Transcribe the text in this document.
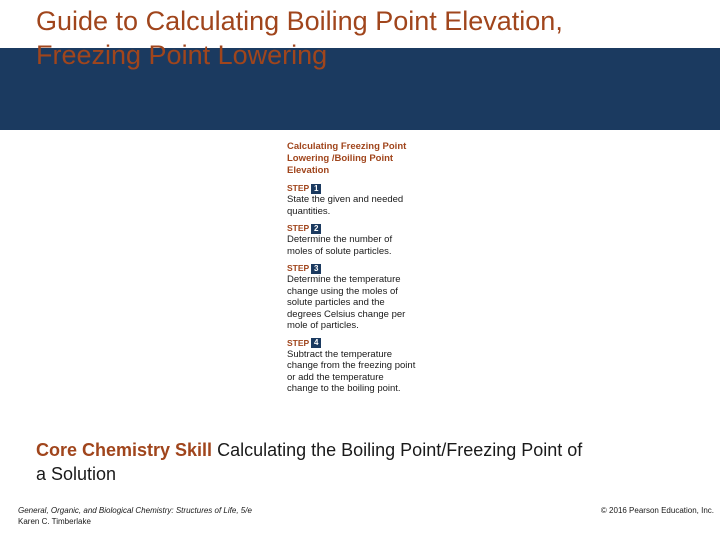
Guide to Calculating Boiling Point Elevation,
Freezing Point Lowering
Calculating Freezing Point
Lowering /Boiling Point
Elevation
STEP 1
State the given and needed
quantities.
STEP 2
Determine the number of
moles of solute particles.
STEP 3
Determine the temperature
change using the moles of
solute particles and the
degrees Celsius change per
mole of particles.
STEP 4
Subtract the temperature
change from the freezing point
or add the temperature
change to the boiling point.
Core Chemistry Skill Calculating the Boiling Point/Freezing Point of
a Solution
General, Organic, and Biological Chemistry: Structures of Life, 5/e
Karen C. Timberlake
© 2016 Pearson Education, Inc.
